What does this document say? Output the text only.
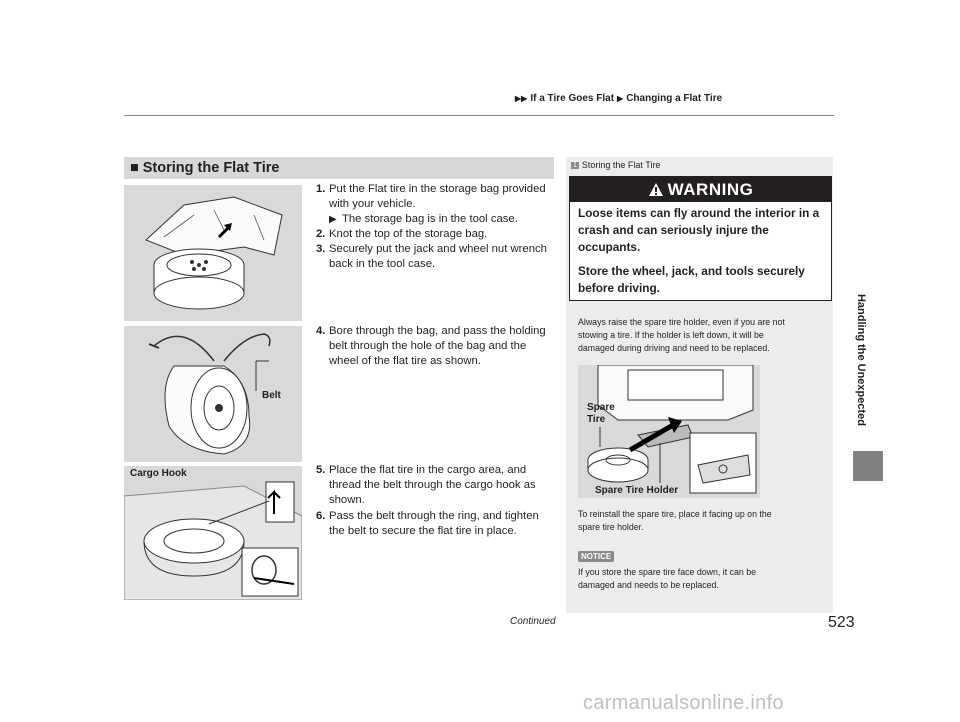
▶▶ If a Tire Goes Flat ▶ Changing a Flat Tire
Handling the Unexpected
■ Storing the Flat Tire
Belt
Cargo Hook
1. Put the Flat tire in the storage bag provided
with your vehicle.
▶ The storage bag is in the tool case.
2. Knot the top of the storage bag.
3. Securely put the jack and wheel nut wrench
back in the tool case.
4. Bore through the bag, and pass the holding
belt through the hole of the bag and the
wheel of the flat tire as shown.
5. Place the flat tire in the cargo area, and
thread the belt through the cargo hook as
shown.
6. Pass the belt through the ring, and tighten
the belt to secure the flat tire in place.
1 Storing the Flat Tire
WARNING
Loose items can fly around the interior in a
crash and can seriously injure the
occupants.
Store the wheel, jack, and tools securely
before driving.
Always raise the spare tire holder, even if you are not
stowing a tire. If the holder is left down, it will be
damaged during driving and need to be replaced.
Spare
Tire
Spare Tire Holder
To reinstall the spare tire, place it facing up on the
spare tire holder.
NOTICE
If you store the spare tire face down, it can be
damaged and needs to be replaced.
Continued	523
carmanualsonline.info
